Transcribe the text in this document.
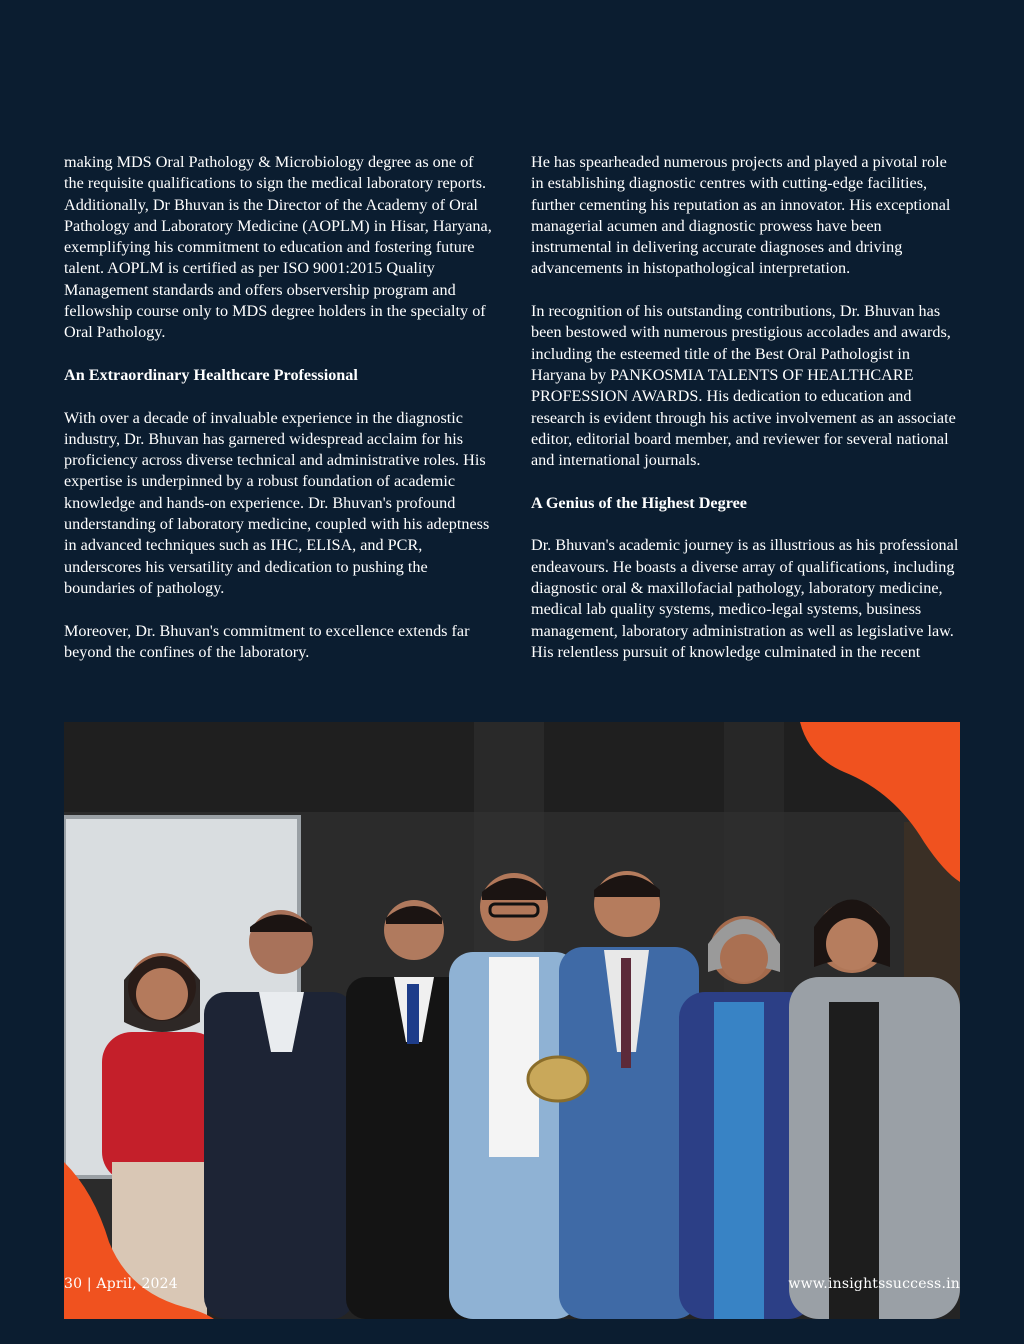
making MDS Oral Pathology & Microbiology degree as one of the requisite qualifications to sign the medical laboratory reports. Additionally, Dr Bhuvan is the Director of the Academy of Oral Pathology and Laboratory Medicine (AOPLM) in Hisar, Haryana, exemplifying his commitment to education and fostering future talent. AOPLM is certified as per ISO 9001:2015 Quality Management standards and offers observership program and fellowship course only to MDS degree holders in the specialty of Oral Pathology.

An Extraordinary Healthcare Professional

With over a decade of invaluable experience in the diagnostic industry, Dr. Bhuvan has garnered widespread acclaim for his proficiency across diverse technical and administrative roles. His expertise is underpinned by a robust foundation of academic knowledge and hands-on experience. Dr. Bhuvan's profound understanding of laboratory medicine, coupled with his adeptness in advanced techniques such as IHC, ELISA, and PCR, underscores his versatility and dedication to pushing the boundaries of pathology.

Moreover, Dr. Bhuvan's commitment to excellence extends far beyond the confines of the laboratory.

He has spearheaded numerous projects and played a pivotal role in establishing diagnostic centres with cutting-edge facilities, further cementing his reputation as an innovator. His exceptional managerial acumen and diagnostic prowess have been instrumental in delivering accurate diagnoses and driving advancements in histopathological interpretation.

In recognition of his outstanding contributions, Dr. Bhuvan has been bestowed with numerous prestigious accolades and awards, including the esteemed title of the Best Oral Pathologist in Haryana by PANKOSMIA TALENTS OF HEALTHCARE PROFESSION AWARDS. His dedication to education and research is evident through his active involvement as an associate editor, editorial board member, and reviewer for several national and international journals.

A Genius of the Highest Degree

Dr. Bhuvan's academic journey is as illustrious as his professional endeavours. He boasts a diverse array of qualifications, including diagnostic oral & maxillofacial pathology, laboratory medicine, medical lab quality systems, medico-legal systems, business management, laboratory administration as well as legislative law. His relentless pursuit of knowledge culminated in the recent

30 | April, 2024	www.insightssuccess.in
